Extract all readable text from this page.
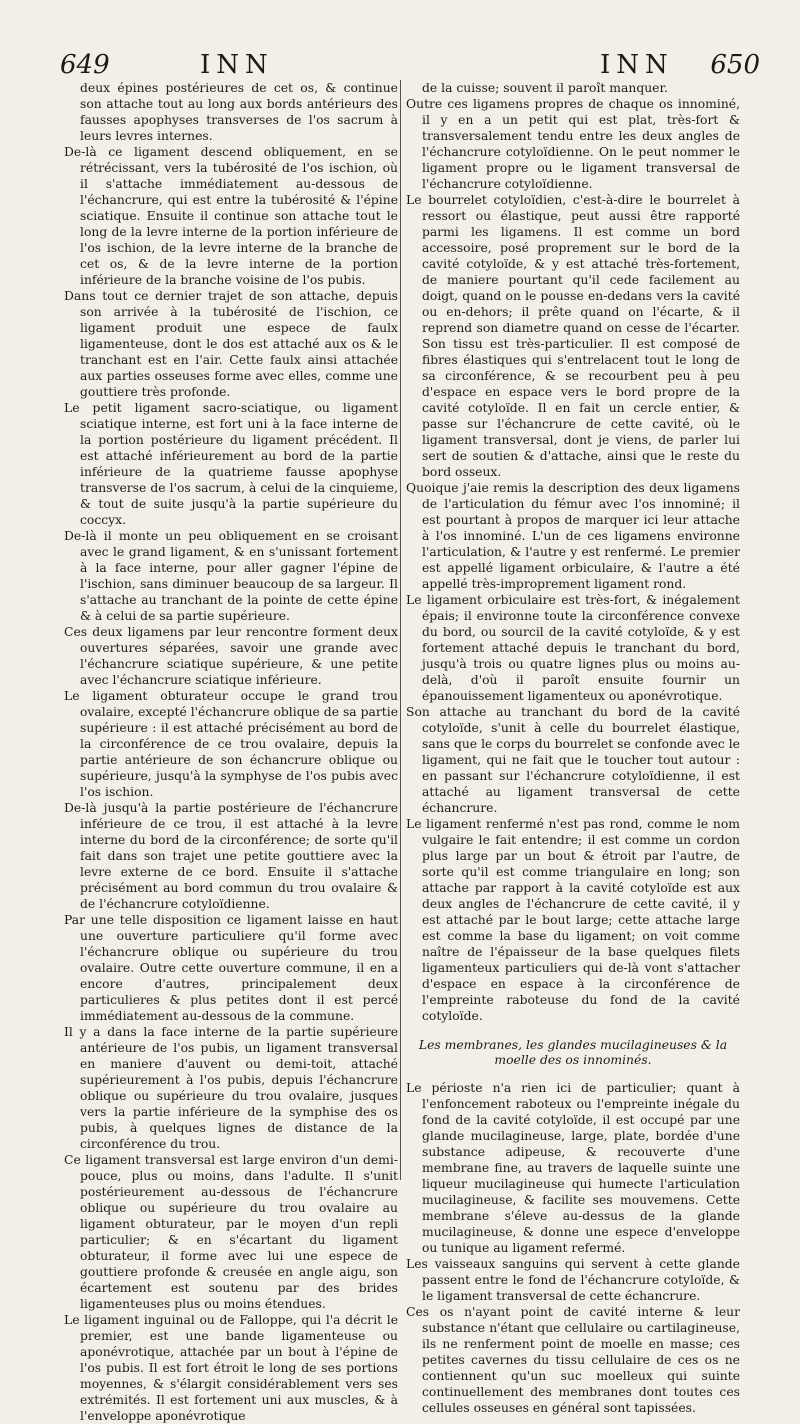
649	INN	INN 650

deux épines postérieures de cet os, & continue son attache tout au long aux bords antérieurs des fausses apophyses transverses de l'os sacrum à leurs levres internes.

De-là ce ligament descend obliquement, en se rétrécissant, vers la tubérosité de l'os ischion, où il s'attache immédiatement au-dessous de l'échancrure, qui est entre la tubérosité & l'épine sciatique. Ensuite il continue son attache tout le long de la levre interne de la portion inférieure de l'os ischion, de la levre interne de la branche de cet os, & de la levre interne de la portion inférieure de la branche voisine de l'os pubis.

Dans tout ce dernier trajet de son attache, depuis son arrivée à la tubérosité de l'ischion, ce ligament produit une espece de faulx ligamenteuse, dont le dos est attaché aux os & le tranchant est en l'air. Cette faulx ainsi attachée aux parties osseuses forme avec elles, comme une gouttiere très profonde.

Le petit ligament sacro-sciatique, ou ligament sciatique interne, est fort uni à la face interne de la portion postérieure du ligament précédent. Il est attaché inférieurement au bord de la partie inférieure de la quatrieme fausse apophyse transverse de l'os sacrum, à celui de la cinquieme, & tout de suite jusqu'à la partie supérieure du coccyx.

De-là il monte un peu obliquement en se croisant avec le grand ligament, & en s'unissant fortement à la face interne, pour aller gagner l'épine de l'ischion, sans diminuer beaucoup de sa largeur. Il s'attache au tranchant de la pointe de cette épine & à celui de sa partie supérieure.

Ces deux ligamens par leur rencontre forment deux ouvertures séparées, savoir une grande avec l'échancrure sciatique supérieure, & une petite avec l'échancrure sciatique inférieure.

Le ligament obturateur occupe le grand trou ovalaire, excepté l'échancrure oblique de sa partie supérieure : il est attaché précisément au bord de la circonférence de ce trou ovalaire, depuis la partie antérieure de son échancrure oblique ou supérieure, jusqu'à la symphyse de l'os pubis avec l'os ischion.

De-là jusqu'à la partie postérieure de l'échancrure inférieure de ce trou, il est attaché à la levre interne du bord de la circonférence; de sorte qu'il fait dans son trajet une petite gouttiere avec la levre externe de ce bord. Ensuite il s'attache précisément au bord commun du trou ovalaire & de l'échancrure cotyloïdienne.

Par une telle disposition ce ligament laisse en haut une ouverture particuliere qu'il forme avec l'échancrure oblique ou supérieure du trou ovalaire. Outre cette ouverture commune, il en a encore d'autres, principalement deux particulieres & plus petites dont il est percé immédiatement au-dessous de la commune.

Il y a dans la face interne de la partie supérieure antérieure de l'os pubis, un ligament transversal en maniere d'auvent ou demi-toit, attaché supérieurement à l'os pubis, depuis l'échancrure oblique ou supérieure du trou ovalaire, jusques vers la partie inférieure de la symphise des os pubis, à quelques lignes de distance de la circonférence du trou.

Ce ligament transversal est large environ d'un demi-pouce, plus ou moins, dans l'adulte. Il s'unit postérieurement au-dessous de l'échancrure oblique ou supérieure du trou ovalaire au ligament obturateur, par le moyen d'un repli particulier; & en s'écartant du ligament obturateur, il forme avec lui une espece de gouttiere profonde & creusée en angle aigu, son écartement est soutenu par des brides ligamenteuses plus ou moins étendues.

Le ligament inguinal ou de Falloppe, qui l'a décrit le premier, est une bande ligamenteuse ou aponévrotique, attachée par un bout à l'épine de l'os pubis. Il est fort étroit le long de ses portions moyennes, & s'élargit considérablement vers ses extrémités. Il est fortement uni aux muscles, & à l'enveloppe aponévrotique

de la cuisse; souvent il paroît manquer.

Outre ces ligamens propres de chaque os innominé, il y en a un petit qui est plat, très-fort & transversalement tendu entre les deux angles de l'échancrure cotyloïdienne. On le peut nommer le ligament propre ou le ligament transversal de l'échancrure cotyloïdienne.

Le bourrelet cotyloïdien, c'est-à-dire le bourrelet à ressort ou élastique, peut aussi être rapporté parmi les ligamens. Il est comme un bord accessoire, posé proprement sur le bord de la cavité cotyloïde, & y est attaché très-fortement, de maniere pourtant qu'il cede facilement au doigt, quand on le pousse en-dedans vers la cavité ou en-dehors; il prête quand on l'écarte, & il reprend son diametre quand on cesse de l'écarter. Son tissu est très-particulier. Il est composé de fibres élastiques qui s'entrelacent tout le long de sa circonférence, & se recourbent peu à peu d'espace en espace vers le bord propre de la cavité cotyloïde. Il en fait un cercle entier, & passe sur l'échancrure de cette cavité, où le ligament transversal, dont je viens, de parler lui sert de soutien & d'attache, ainsi que le reste du bord osseux.

Quoique j'aie remis la description des deux ligamens de l'articulation du fémur avec l'os innominé; il est pourtant à propos de marquer ici leur attache à l'os innominé. L'un de ces ligamens environne l'articulation, & l'autre y est renfermé. Le premier est appellé ligament orbiculaire, & l'autre a été appellé très-improprement ligament rond.

Le ligament orbiculaire est très-fort, & inégalement épais; il environne toute la circonférence convexe du bord, ou sourcil de la cavité cotyloïde, & y est fortement attaché depuis le tranchant du bord, jusqu'à trois ou quatre lignes plus ou moins au-delà, d'où il paroît ensuite fournir un épanouissement ligamenteux ou aponévrotique.

Son attache au tranchant du bord de la cavité cotyloïde, s'unit à celle du bourrelet élastique, sans que le corps du bourrelet se confonde avec le ligament, qui ne fait que le toucher tout autour : en passant sur l'échancrure cotyloïdienne, il est attaché au ligament transversal de cette échancrure.

Le ligament renfermé n'est pas rond, comme le nom vulgaire le fait entendre; il est comme un cordon plus large par un bout & étroit par l'autre, de sorte qu'il est comme triangulaire en long; son attache par rapport à la cavité cotyloïde est aux deux angles de l'échancrure de cette cavité, il y est attaché par le bout large; cette attache large est comme la base du ligament; on voit comme naître de l'épaisseur de la base quelques filets ligamenteux particuliers qui de-là vont s'attacher d'espace en espace à la circonférence de l'empreinte raboteuse du fond de la cavité cotyloïde.

Les membranes, les glandes mucilagineuses & la moelle des os innominés.

Le périoste n'a rien ici de particulier; quant à l'enfoncement raboteux ou l'empreinte inégale du fond de la cavité cotyloïde, il est occupé par une glande mucilagineuse, large, plate, bordée d'une substance adipeuse, & recouverte d'une membrane fine, au travers de laquelle suinte une liqueur mucilagineuse qui humecte l'articulation mucilagineuse, & facilite ses mouvemens. Cette membrane s'éleve au-dessus de la glande mucilagineuse, & donne une espece d'enveloppe ou tunique au ligament refermé.

Les vaisseaux sanguins qui servent à cette glande passent entre le fond de l'échancrure cotyloïde, & le ligament transversal de cette échancrure.

Ces os n'ayant point de cavité interne & leur substance n'étant que cellulaire ou cartilagineuse, ils ne renferment point de moelle en masse; ces petites cavernes du tissu cellulaire de ces os ne contiennent qu'un suc moelleux qui suinte continuellement des membranes dont toutes ces cellules osseuses en général sont tapissées.
